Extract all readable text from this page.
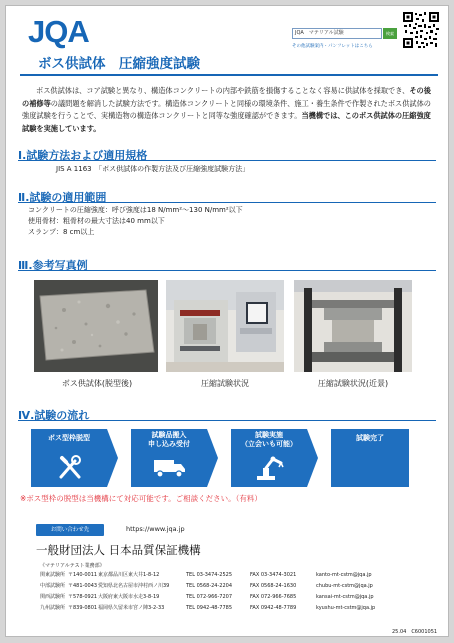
JQA	JQA　マテリアル試験	検索
その他試験案内・パンフレットはこちら
ボス供試体　圧縮強度試験
ボス供試体は、コア試験と異なり、構造体コンクリートの内部や鉄筋を損傷することなく容易に供試体を採取でき、その後の補修等の議問題を解消した試験方法です。構造体コンクリートと同様の環境条件、施工・養生条件で作製されたボス供試体の強度試験を行うことで、実構造物の構造体コンクリートと同等な強度確認ができます。当機構では、このボス供試体の圧縮強度試験を実施しています。
Ⅰ.試験方法および適用規格
JIS A 1163　「ボス供試体の作製方法及び圧縮強度試験方法」
Ⅱ.試験の適用範囲
コンクリートの圧縮強度：呼び強度は18 N/mm²～130 N/mm²以下
使用骨材：粗骨材の最大寸法は40 mm以下
スランプ：8 cm以上
Ⅲ.参考写真例
ボス供試体(脱型後)	圧縮試験状況	圧縮試験状況(近景)
Ⅳ.試験の流れ
ボス型枠脱型	試験品搬入
申し込み受付
試験実施
（立会いも可能）
試験完了
※ボス型枠の脱型は当機構にて対応可能です。ご相談ください。（有料）
お問い合わせ先	https://www.jqa.jp
一般財団法人 日本品質保証機構
《マテリアルテスト業務部》
関東試験所 〒140-0011 東京都品川区東大井1-8-12	TEL 03-3474-2525	FAX 03-3474-3021	kanto-mt-cstm@jqa.jp
中部試験所 〒481-0043 愛知県北名古屋市沖村西ノ川39	TEL 0568-24-2204	FAX 0568-24-1630	chubu-mt-cstm@jqa.jp
関西試験所 〒578-0921 大阪府東大阪市水走3-8-19	TEL 072-966-7207	FAX 072-966-7685	kansai-mt-cstm@jqa.jp
九州試験所 〒839-0801 福岡県久留米市宮ノ陣3-2-33	TEL 0942-48-7785	FAX 0942-48-7789	kyushu-mt-cstm@jqa.jp
25.04　C6001051
